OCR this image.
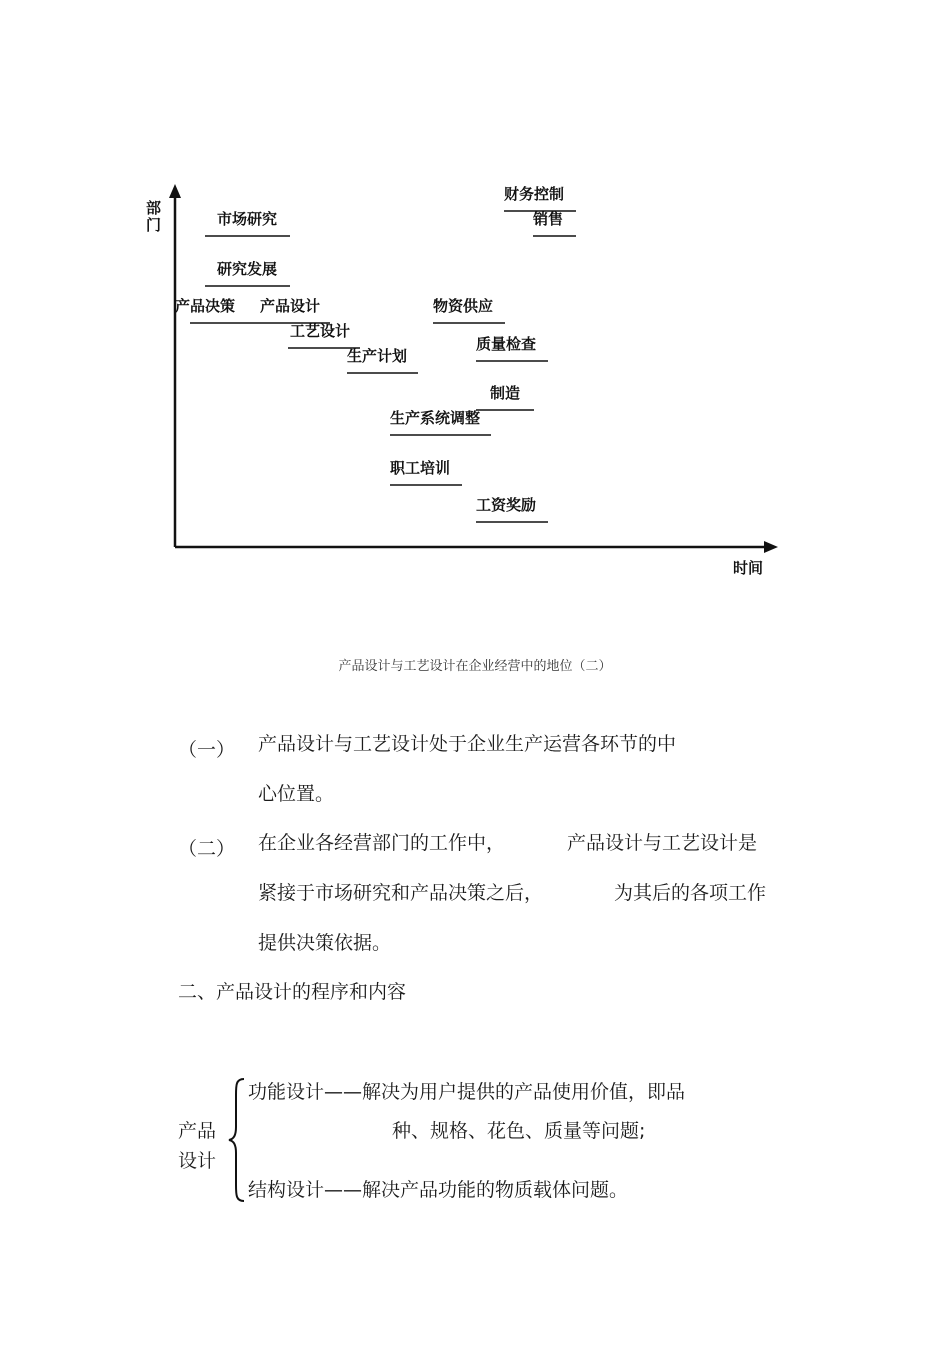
部门
时间
市场研究
研究发展
产品决策 产品设计
工艺设计
生产计划
生产系统调整
职工培训
物资供应
质量检查
制造
工资奖励
财务控制
销售
产品设计与工艺设计在企业经营中的地位（二）
（一） 产品设计与工艺设计处于企业生产运营各环节的中
心位置。
（二） 在企业各经营部门的工作中，	产品设计与工艺设计是
紧接于市场研究和产品决策之后，	为其后的各项工作
提供决策依据。
二、产品设计的程序和内容
产品
设计
功能设计——解决为用户提供的产品使用价值，即品
种、规格、花色、质量等问题;
结构设计——解决产品功能的物质载体问题。
